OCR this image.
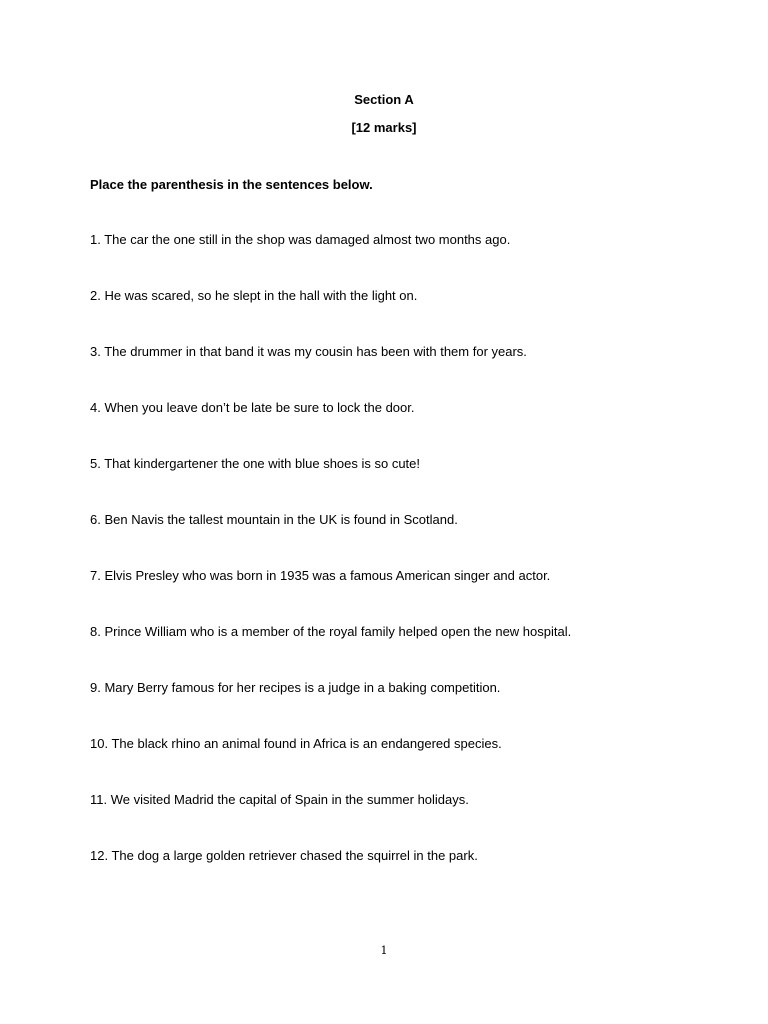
Section A
[12 marks]
Place the parenthesis in the sentences below.
1. The car the one still in the shop was damaged almost two months ago.
2. He was scared, so he slept in the hall with the light on.
3. The drummer in that band it was my cousin has been with them for years.
4. When you leave don’t be late be sure to lock the door.
5. That kindergartener the one with blue shoes is so cute!
6. Ben Navis the tallest mountain in the UK is found in Scotland.
7. Elvis Presley who was born in 1935 was a famous American singer and actor.
8. Prince William who is a member of the royal family helped open the new hospital.
9. Mary Berry famous for her recipes is a judge in a baking competition.
10. The black rhino an animal found in Africa is an endangered species.
11. We visited Madrid the capital of Spain in the summer holidays.
12. The dog a large golden retriever chased the squirrel in the park.
1
